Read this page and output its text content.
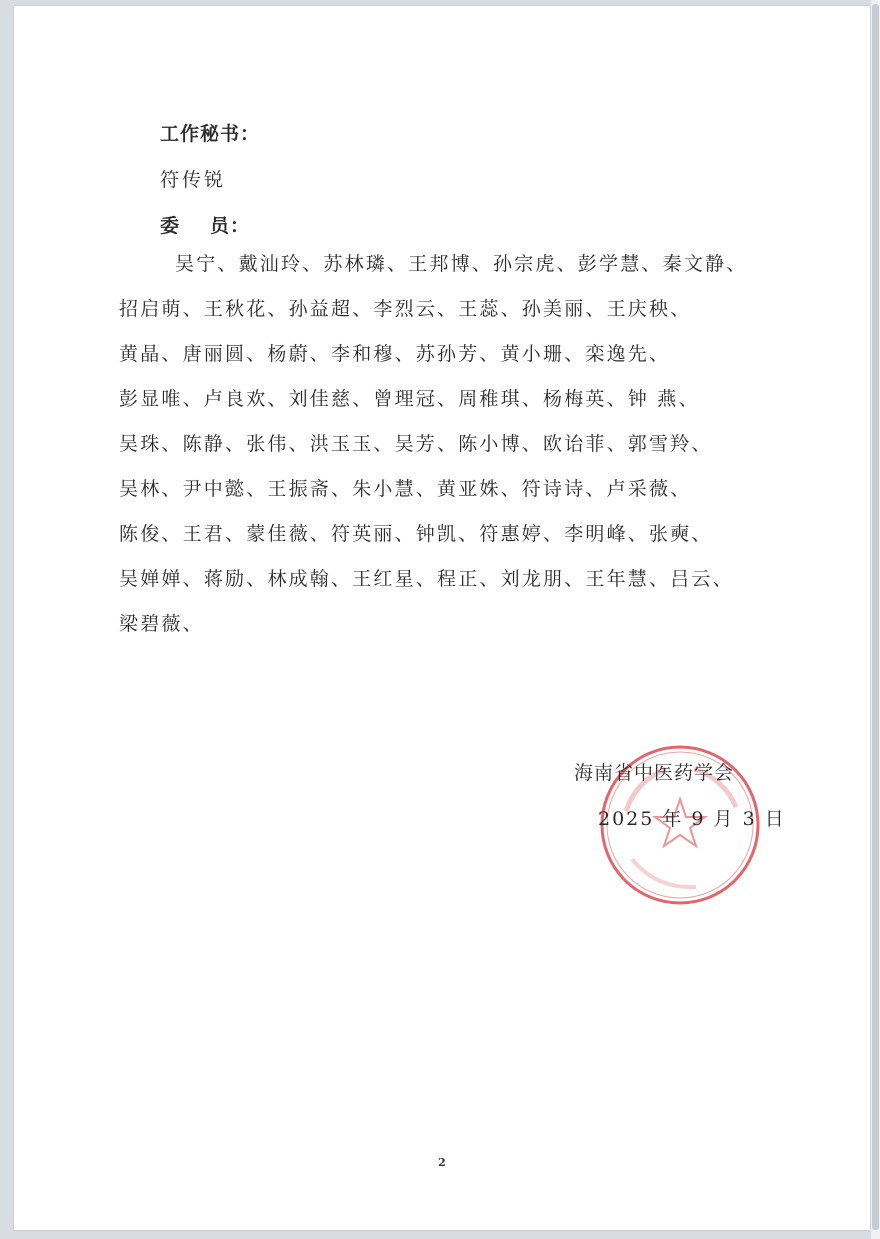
工作秘书：
符传锐
委 员：
吴宁、戴汕玲、苏林璘、王邦博、孙宗虎、彭学慧、秦文静、
招启萌、王秋花、孙益超、李烈云、王蕊、孙美丽、王庆秧、
黄晶、唐丽圆、杨蔚、李和穆、苏孙芳、黄小珊、栾逸先、
彭显唯、卢良欢、刘佳慈、曾理冠、周稚琪、杨梅英、钟 燕、
吴珠、陈静、张伟、洪玉玉、吴芳、陈小博、欧诒菲、郭雪羚、
吴林、尹中懿、王振斋、朱小慧、黄亚姝、符诗诗、卢采薇、
陈俊、王君、蒙佳薇、符英丽、钟凯、符惠婷、李明峰、张奭、
吴婵婵、蒋励、林成翰、王红星、程正、刘龙朋、王年慧、吕云、
梁碧薇、
海南省中医药学会
2025 年 9 月 3 日
2
